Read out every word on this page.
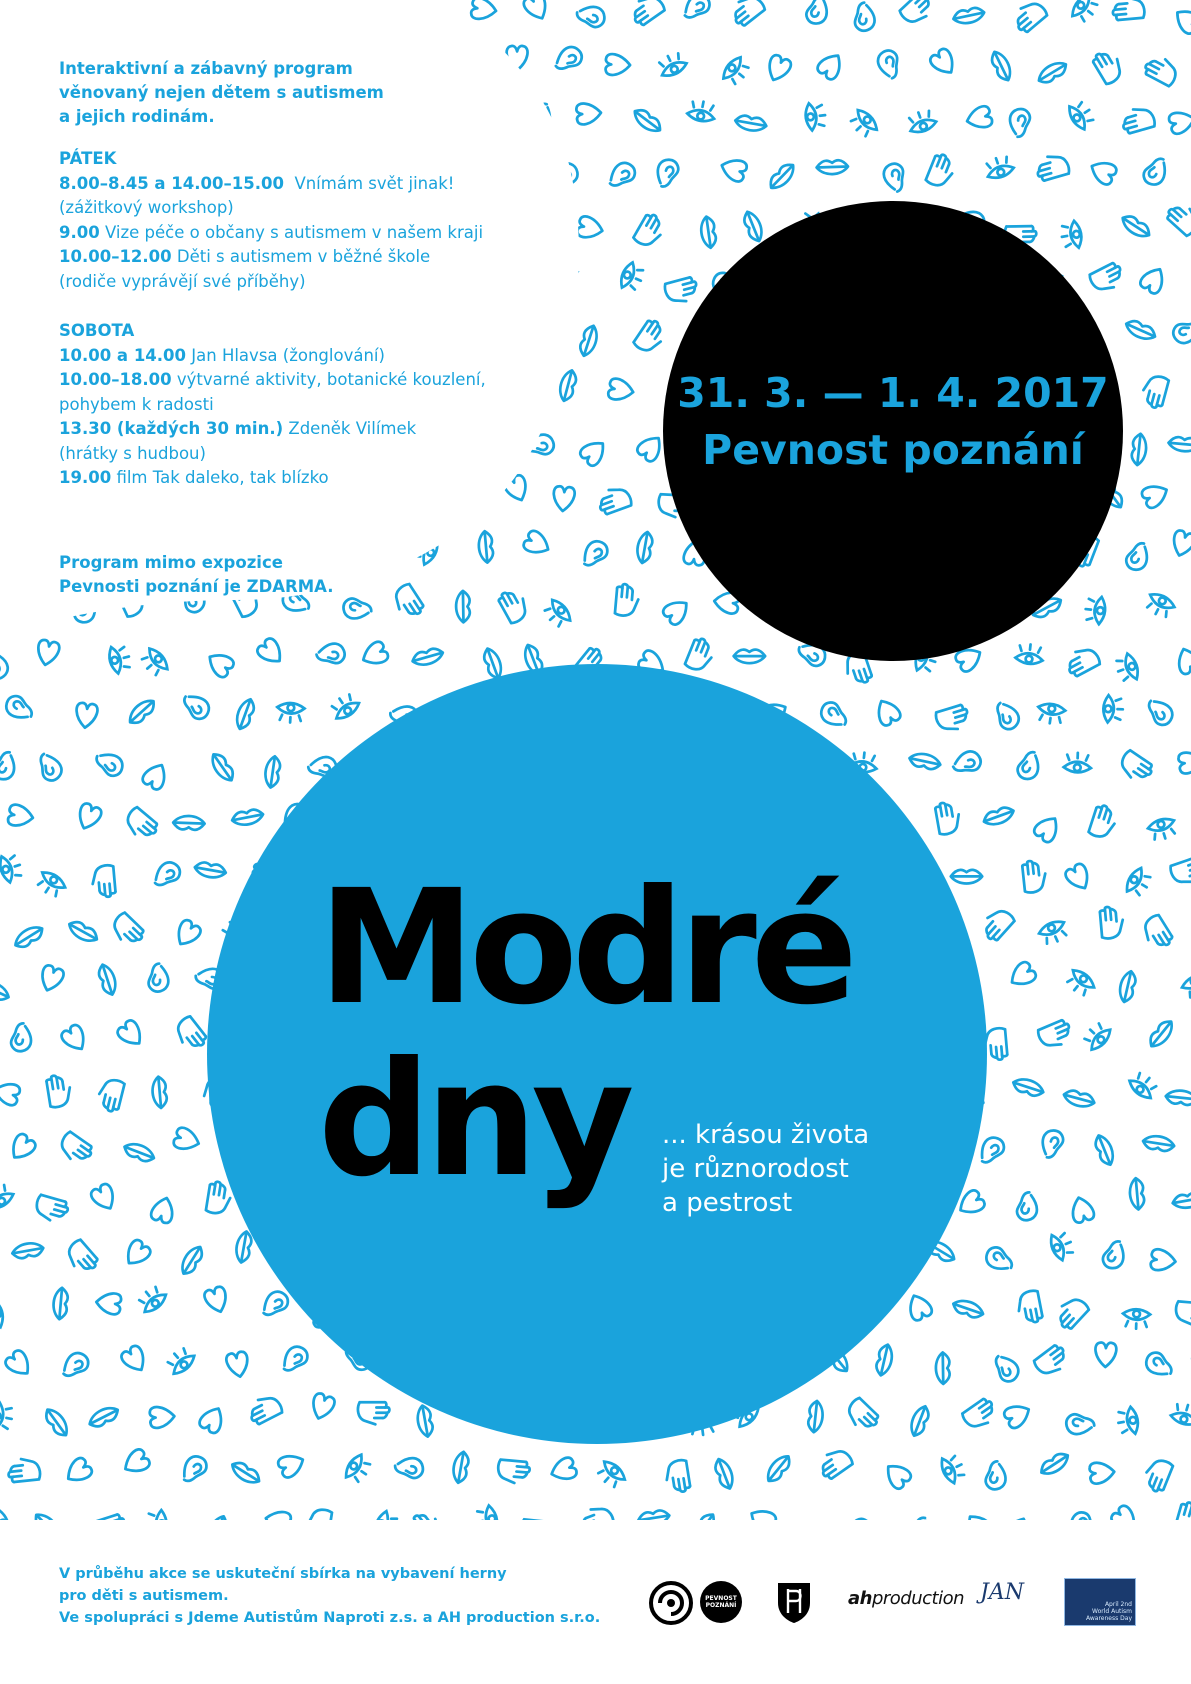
Interaktivní a zábavný program
věnovaný nejen dětem s autismem
a jejich rodinám.
PÁTEK
8.00–8.45 a 14.00–15.00 Vnímám svět jinak!
(zážitkový workshop)
9.00 Vize péče o občany s autismem v našem kraji
10.00–12.00 Děti s autismem v běžné škole
(rodiče vyprávějí své příběhy)
SOBOTA
10.00 a 14.00 Jan Hlavsa (žonglování)
10.00–18.00 výtvarné aktivity, botanické kouzlení,
pohybem k radosti
13.30 (každých 30 min.) Zdeněk Vilímek
(hrátky s hudbou)
19.00 film Tak daleko, tak blízko
Program mimo expozice
Pevnosti poznání je ZDARMA.
31. 3. — 1. 4. 2017
Pevnost poznání
Modré
dny	... krásou života
je různorodost
a pestrost
V průběhu akce se uskuteční sbírka na vybavení herny
pro děti s autismem.
Ve spolupráci s Jdeme Autistům Naproti z.s. a AH production s.r.o.
PEVNOST
POZNÁNÍ	ahproduction JAN	April 2nd
World Autism
Awareness Day
